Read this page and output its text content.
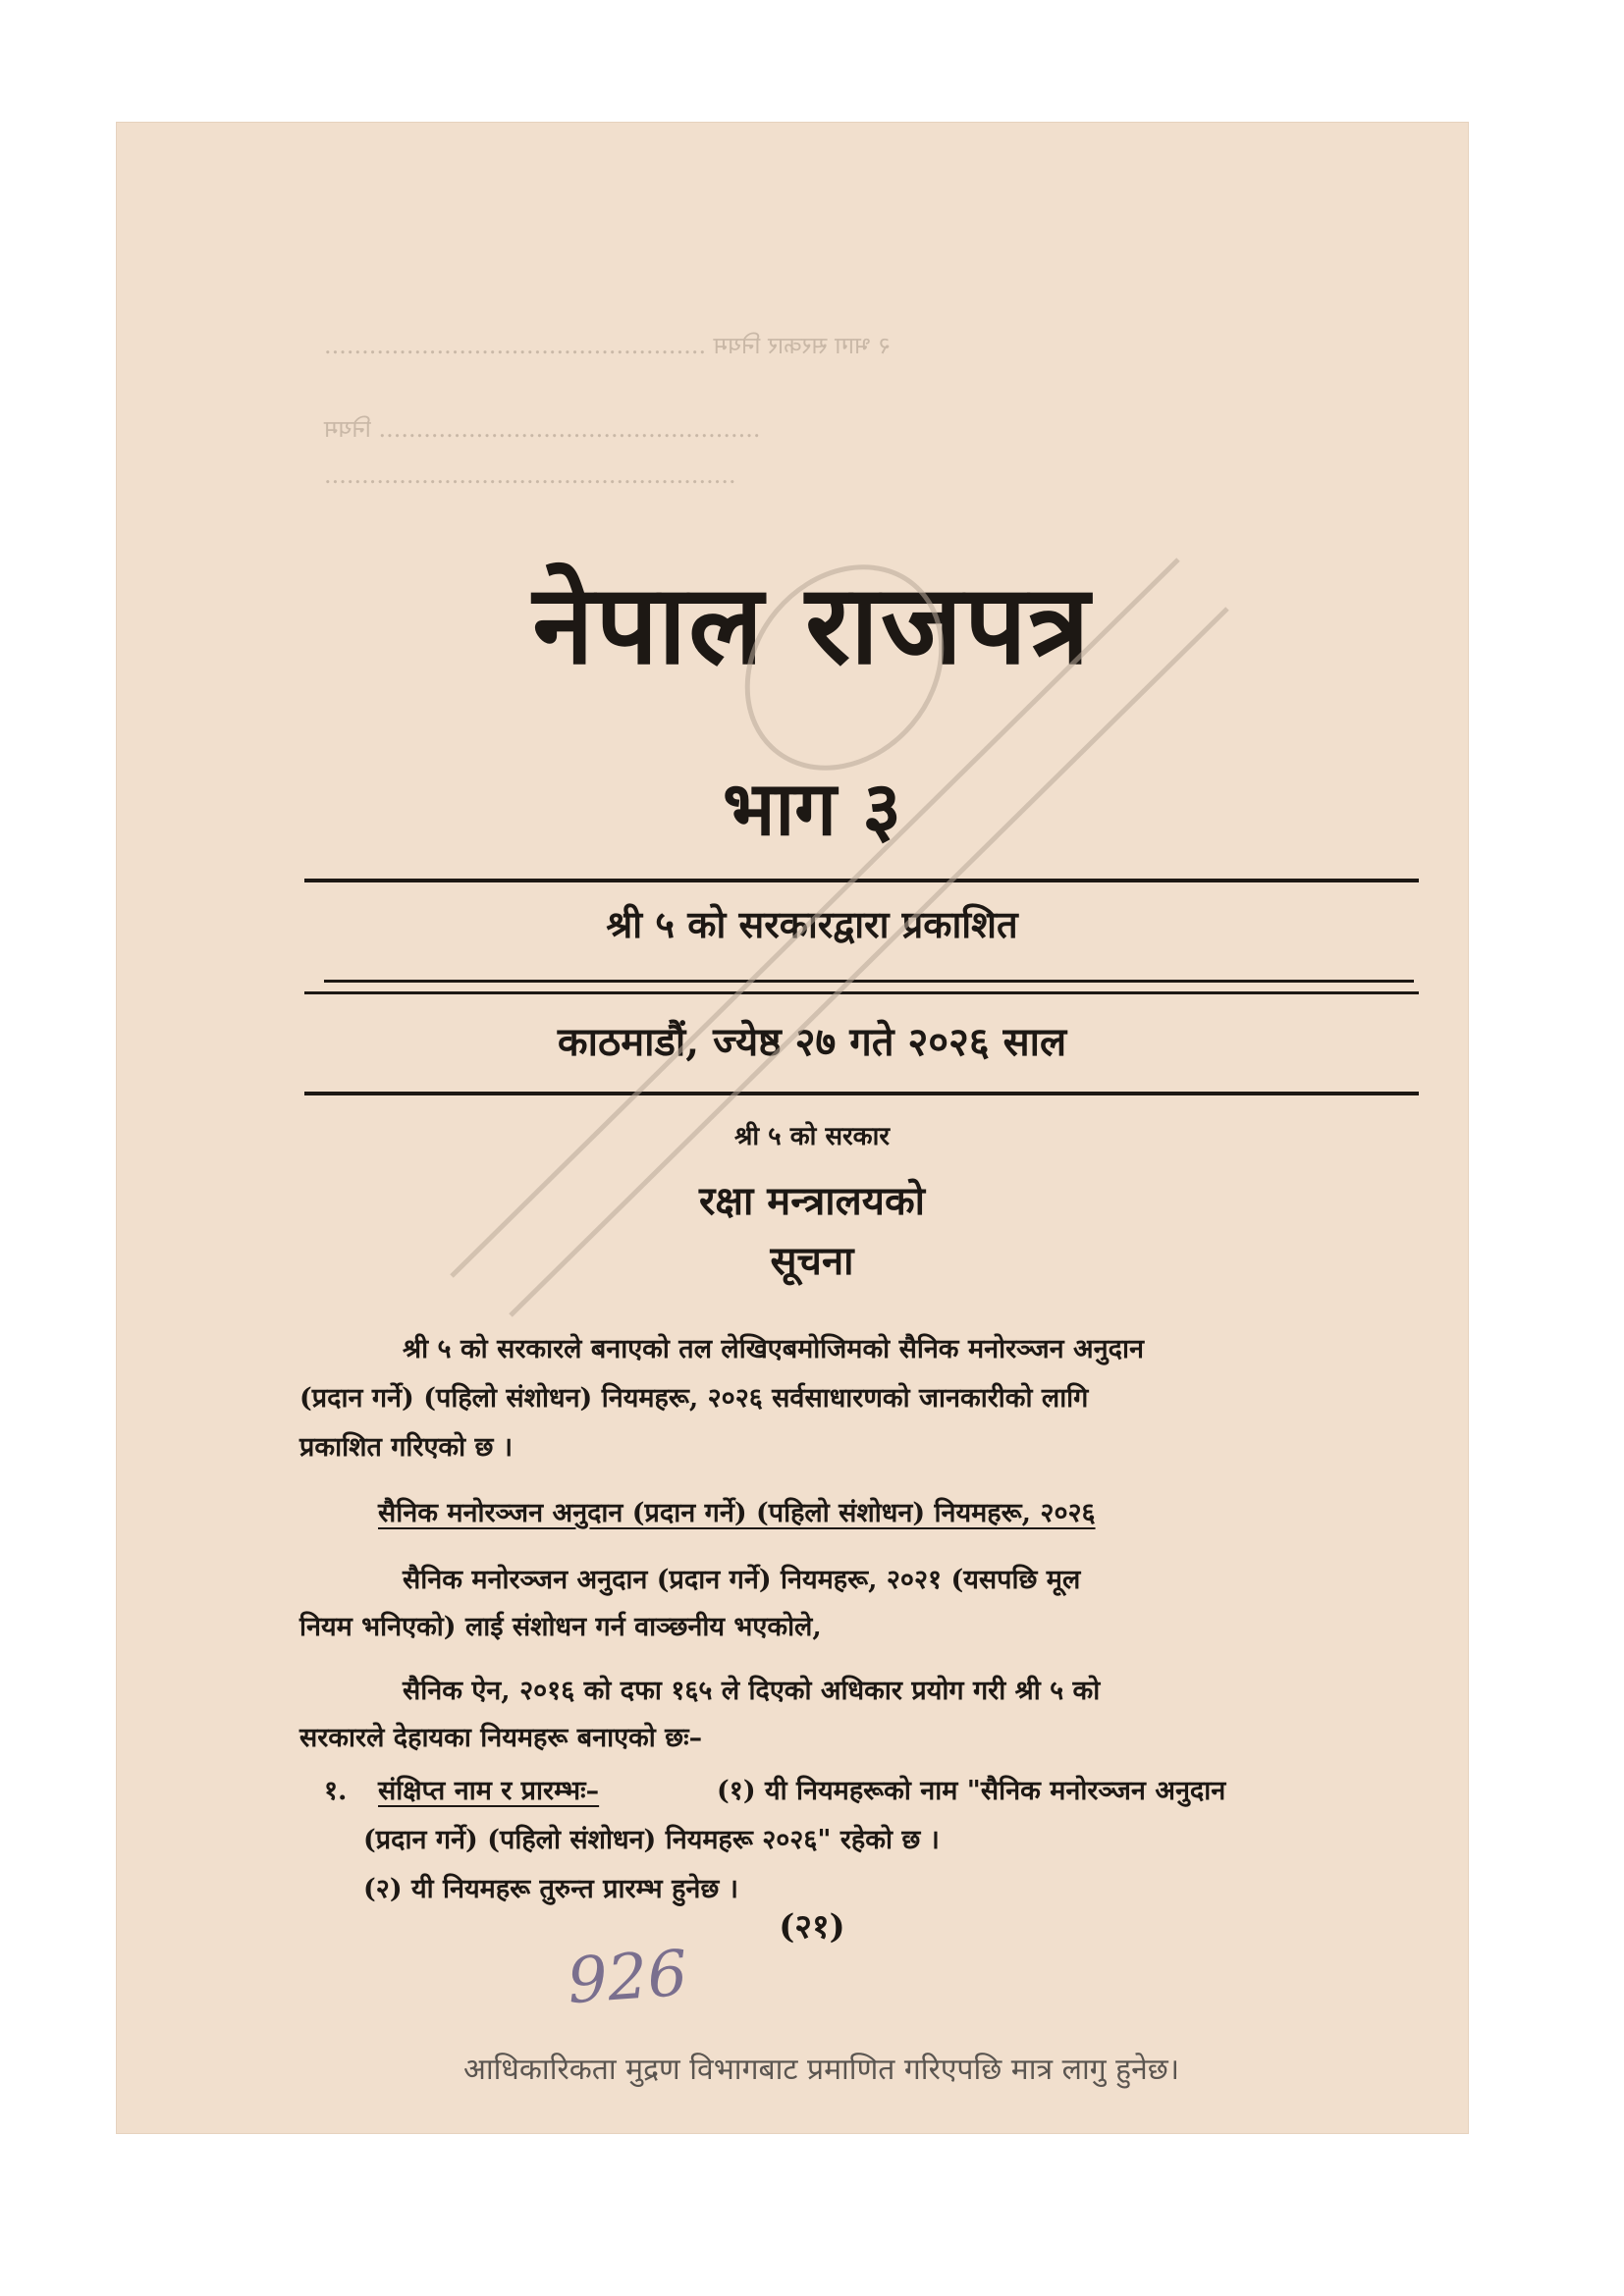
२ भाग सरकार नियम ...................................................
................................................... नियम
.......................................................
नेपाल राजपत्र
भाग ३
श्री ५ को सरकारद्वारा प्रकाशित
काठमाडौं, ज्येष्ठ २७ गते २०२६ साल
श्री ५ को सरकार
रक्षा मन्त्रालयको
सूचना
श्री ५ को सरकारले बनाएको तल लेखिएबमोजिमको सैनिक मनोरञ्जन अनुदान
(प्रदान गर्ने) (पहिलो संशोधन) नियमहरू, २०२६ सर्वसाधारणको जानकारीको लागि
प्रकाशित गरिएको छ ।
सैनिक मनोरञ्जन अनुदान (प्रदान गर्ने) (पहिलो संशोधन) नियमहरू, २०२६
सैनिक मनोरञ्जन अनुदान (प्रदान गर्ने) नियमहरू, २०२१ (यसपछि मूल
नियम भनिएको) लाई संशोधन गर्न वाञ्छनीय भएकोले,
सैनिक ऐन, २०१६ को दफा १६५ ले दिएको अधिकार प्रयोग गरी श्री ५ को
सरकारले देहायका नियमहरू बनाएको छः–
१. संक्षिप्त नाम र प्रारम्भः–	(१) यी नियमहरूको नाम "सैनिक मनोरञ्जन अनुदान
(प्रदान गर्ने) (पहिलो संशोधन) नियमहरू २०२६" रहेको छ ।
(२) यी नियमहरू तुरुन्त प्रारम्भ हुनेछ ।
(२१)
926
आधिकारिकता मुद्रण विभागबाट प्रमाणित गरिएपछि मात्र लागु हुनेछ।
